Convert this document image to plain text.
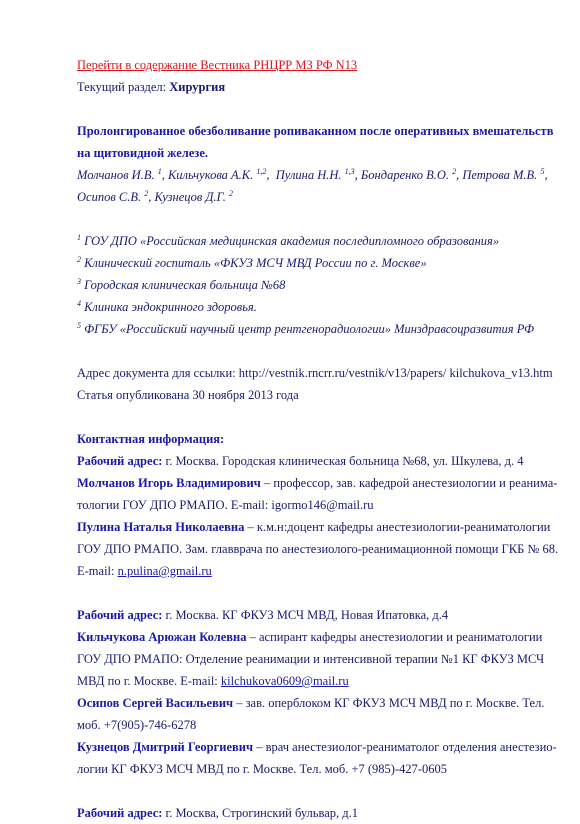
Перейти в содержание Вестника РНЦРР МЗ РФ N13
Текущий раздел: Хирургия
Пролонгированное обезболивание ропиваканном после оперативных вмешательств
на щитовидной железе.
Молчанов И.В. $^1$, Кильчукова А.К. $^{1,2}$,  Пулина Н.Н. $^{1,3}$, Бондаренко В.О. $^2$, Петрова М.В. $^5$,
Осипов С.В. $^2$, Кузнецов Д.Г. $^2$
$^1$ ГОУ ДПО «Российская медицинская академия последипломного образования»
$^2$ Клинический госпиталь «ФКУЗ МСЧ МВД России по г. Москве»
$^3$ Городская клиническая больница №68
$^4$ Клиника эндокринного здоровья.
$^5$ ФГБУ «Российский научный центр рентгенорадиологии» Минздравсоцразвития РФ
Адрес документа для ссылки: http://vestnik.rncrr.ru/vestnik/v13/papers/ kilchukova_v13.htm
Статья опубликована 30 ноября 2013 года
Контактная информация:
Рабочий адрес: г. Москва. Городская клиническая больница №68, ул. Шкулева, д. 4
Молчанов Игорь Владимирович – профессор, зав. кафедрой анестезиологии и реанима-
тологии ГОУ ДПО РМАПО. E-mail: igormo146@mail.ru
Пулина Наталья Николаевна – к.м.н:доцент кафедры анестезиологии-реаниматологии
ГОУ ДПО РМАПО. Зам. главврача по анестезиолого-реанимационной помощи ГКБ № 68.
E-mail: n.pulina@gmail.ru
Рабочий адрес: г. Москва. КГ ФКУЗ МСЧ МВД, Новая Ипатовка, д.4
Кильчукова Арюжан Колевна – аспирант кафедры анестезиологии и реаниматологии
ГОУ ДПО РМАПО: Отделение реанимации и интенсивной терапии №1 КГ ФКУЗ МСЧ
МВД по г. Москве. E-mail: kilchukova0609@mail.ru
Осипов Сергей Васильевич – зав. оперблоком КГ ФКУЗ МСЧ МВД по г. Москве. Тел.
моб. +7(905)-746-6278
Кузнецов Дмитрий Георгиевич – врач анестезиолог-реаниматолог отделения анестезио-
логии КГ ФКУЗ МСЧ МВД по г. Москве. Тел. моб. +7 (985)-427-0605
Рабочий адрес: г. Москва, Строгинский бульвар, д.1
